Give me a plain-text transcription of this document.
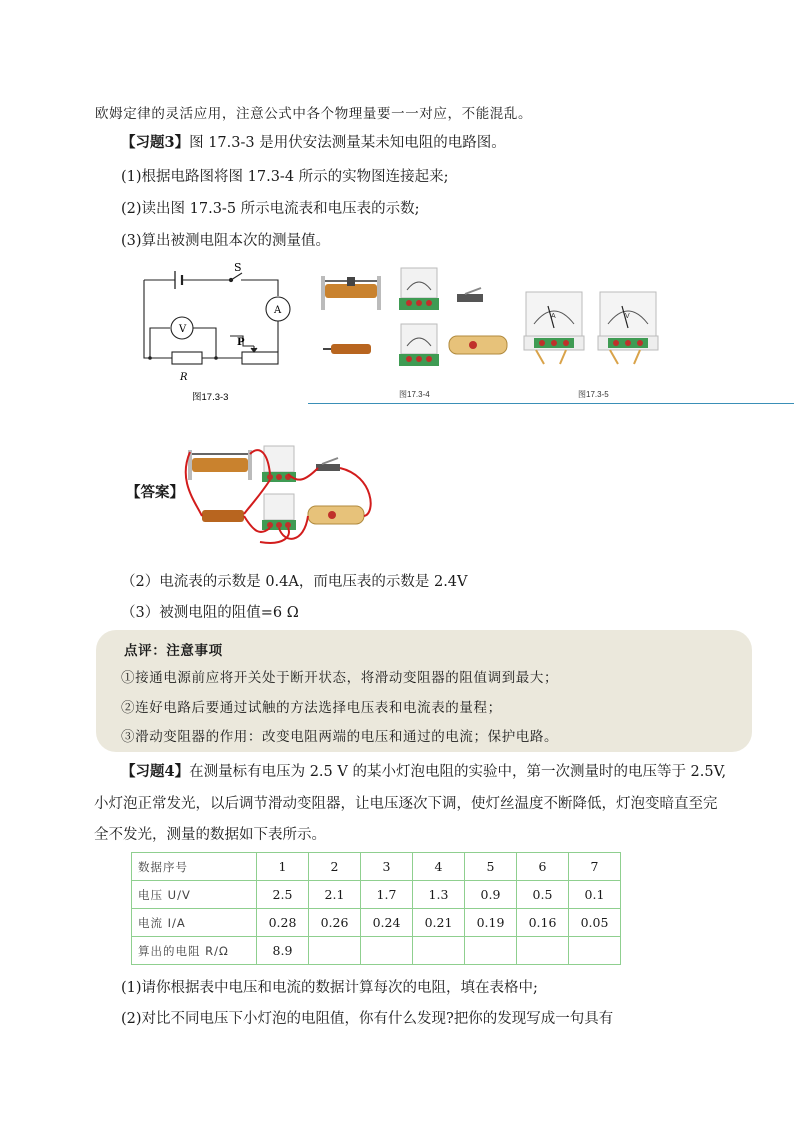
欧姆定律的灵活应用，注意公式中各个物理量要一一对应，不能混乱。
【习题3】图 17.3-3 是用伏安法测量某未知电阻的电路图。
(1)根据电路图将图 17.3-4 所示的实物图连接起来;
(2)读出图 17.3-5 所示电流表和电压表的示数;
(3)算出被测电阻本次的测量值。
S
A
V
P
R
图17.3-3	图17.3-4
A	V
图17.3-5
【答案】
（2）电流表的示数是 0.4A，而电压表的示数是 2.4V
（3）被测电阻的阻值=6 Ω
点评：注意事项
①接通电源前应将开关处于断开状态，将滑动变阻器的阻值调到最大；
②连好电路后要通过试触的方法选择电压表和电流表的量程；
③滑动变阻器的作用：改变电阻两端的电压和通过的电流；保护电路。
【习题4】在测量标有电压为 2.5 V 的某小灯泡电阻的实验中，第一次测量时的电压等于 2.5V,
小灯泡正常发光，以后调节滑动变阻器，让电压逐次下调，使灯丝温度不断降低，灯泡变暗直至完
全不发光，测量的数据如下表所示。
数据序号	1	2	3	4	5	6	7
电压 U/V	2.5	2.1	1.7	1.3	0.9	0.5	0.1
电流 I/A	0.28	0.26	0.24	0.21	0.19	0.16	0.05
算出的电阻 R/Ω	8.9						
(1)请你根据表中电压和电流的数据计算每次的电阻，填在表格中;
(2)对比不同电压下小灯泡的电阻值，你有什么发现?把你的发现写成一句具有
